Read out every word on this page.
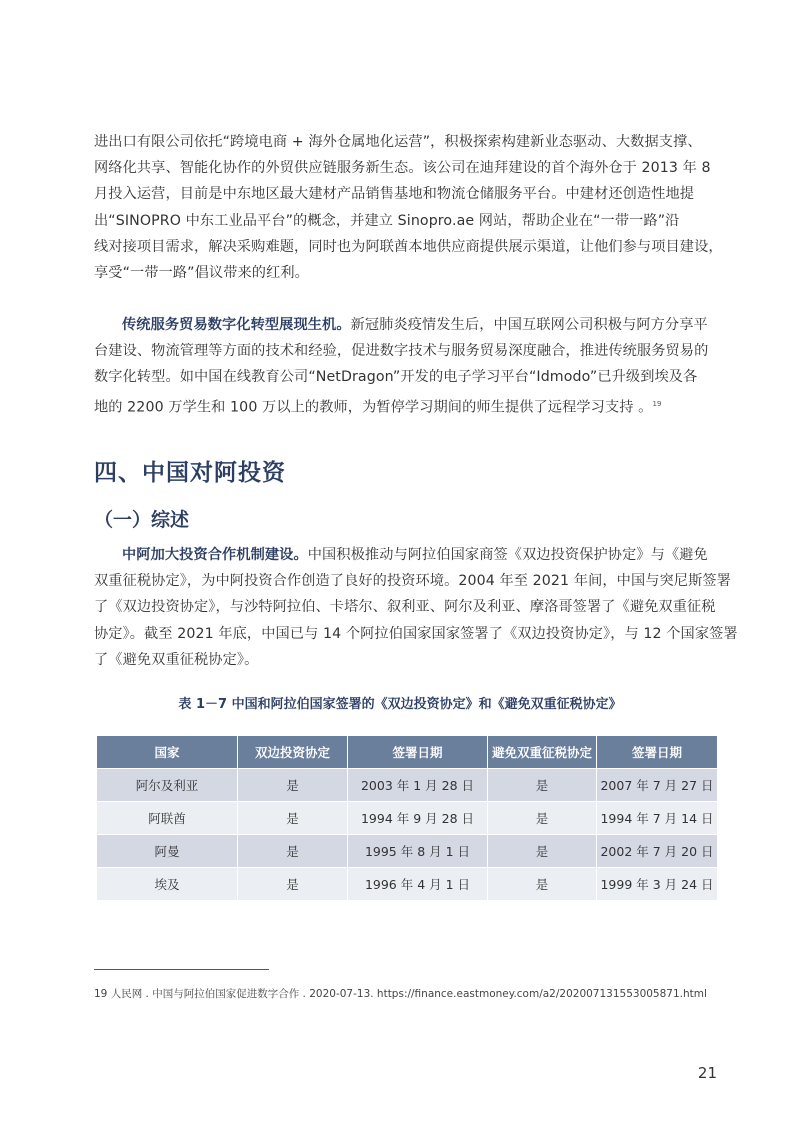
进出口有限公司依托“跨境电商 + 海外仓属地化运营”，积极探索构建新业态驱动、大数据支撑、
网络化共享、智能化协作的外贸供应链服务新生态。该公司在迪拜建设的首个海外仓于 2013 年 8
月投入运营，目前是中东地区最大建材产品销售基地和物流仓储服务平台。中建材还创造性地提
出“SINOPRO 中东工业品平台”的概念，并建立 Sinopro.ae 网站，帮助企业在“一带一路”沿
线对接项目需求，解决采购难题，同时也为阿联酋本地供应商提供展示渠道，让他们参与项目建设，
享受“一带一路”倡议带来的红利。
传统服务贸易数字化转型展现生机。新冠肺炎疫情发生后，中国互联网公司积极与阿方分享平
台建设、物流管理等方面的技术和经验，促进数字技术与服务贸易深度融合，推进传统服务贸易的
数字化转型。如中国在线教育公司“NetDragon”开发的电子学习平台“Idmodo”已升级到埃及各
地的 2200 万学生和 100 万以上的教师，为暂停学习期间的师生提供了远程学习支持 。$^{19}$
四、中国对阿投资
（一）综述
中阿加大投资合作机制建设。中国积极推动与阿拉伯国家商签《双边投资保护协定》与《避免
双重征税协定》，为中阿投资合作创造了良好的投资环境。2004 年至 2021 年间，中国与突尼斯签署
了《双边投资协定》，与沙特阿拉伯、卡塔尔、叙利亚、阿尔及利亚、摩洛哥签署了《避免双重征税
协定》。截至 2021 年底，中国已与 14 个阿拉伯国家国家签署了《双边投资协定》，与 12 个国家签署
了《避免双重征税协定》。
表 1－7 中国和阿拉伯国家签署的《双边投资协定》和《避免双重征税协定》
国家	双边投资协定	签署日期	避免双重征税协定	签署日期
阿尔及利亚	是	2003 年 1 月 28 日	是	2007 年 7 月 27 日
阿联酋	是	1994 年 9 月 28 日	是	1994 年 7 月 14 日
阿曼	是	1995 年 8 月 1 日	是	2002 年 7 月 20 日
埃及	是	1996 年 4 月 1 日	是	1999 年 3 月 24 日

19 人民网 . 中国与阿拉伯国家促进数字合作 . 2020-07-13. https://finance.eastmoney.com/a2/202007131553005871.html

21
